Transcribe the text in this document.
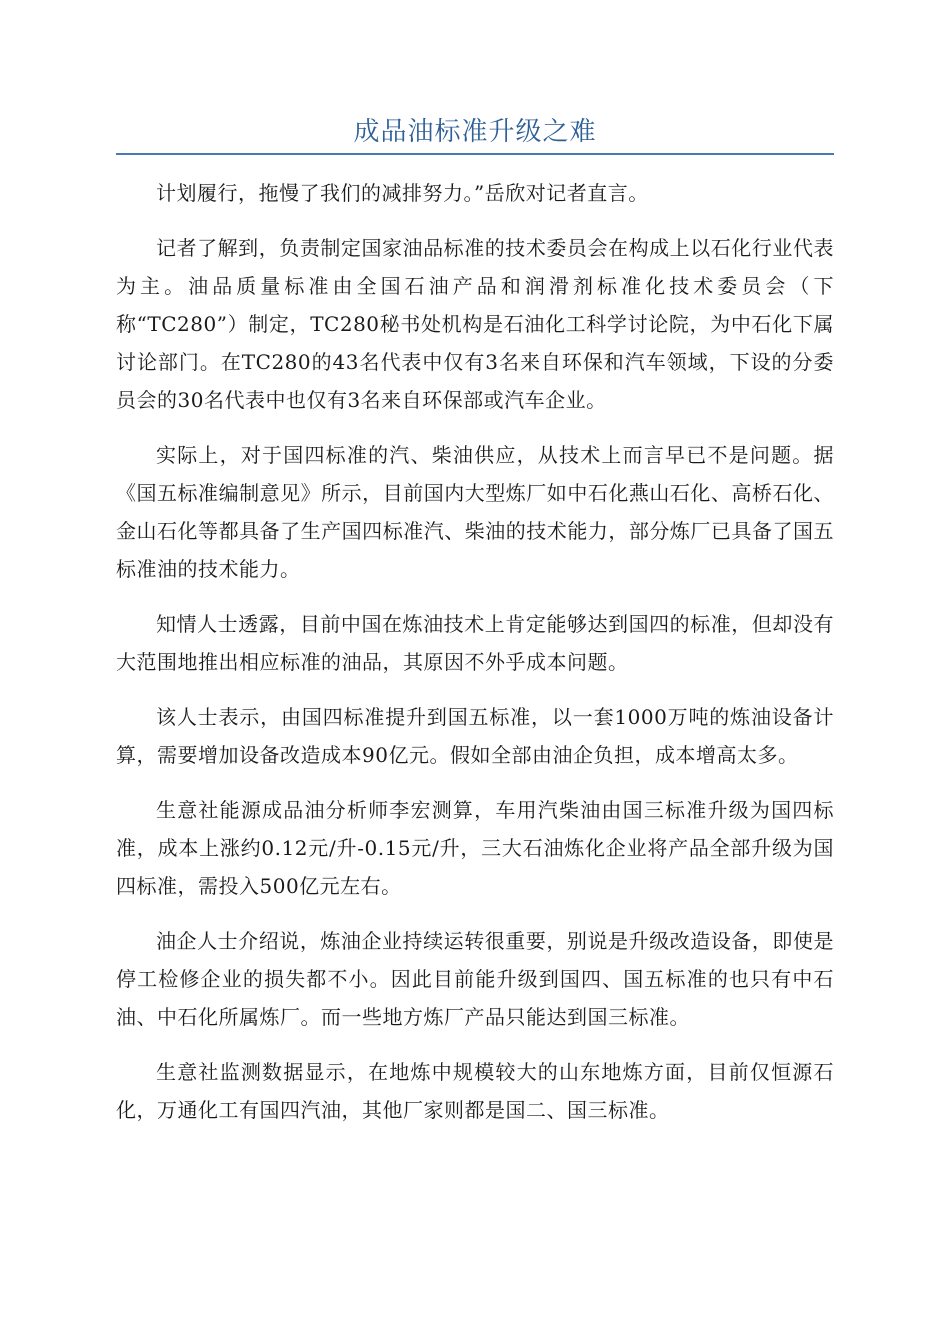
成品油标准升级之难

计划履行，拖慢了我们的减排努力。”岳欣对记者直言。

记者了解到，负责制定国家油品标准的技术委员会在构成上以石化行业代表为主。油品质量标准由全国石油产品和润滑剂标准化技术委员会（下称“TC280”）制定，TC280秘书处机构是石油化工科学讨论院，为中石化下属讨论部门。在TC280的43名代表中仅有3名来自环保和汽车领域，下设的分委员会的30名代表中也仅有3名来自环保部或汽车企业。

实际上，对于国四标准的汽、柴油供应，从技术上而言早已不是问题。据《国五标准编制意见》所示，目前国内大型炼厂如中石化燕山石化、高桥石化、金山石化等都具备了生产国四标准汽、柴油的技术能力，部分炼厂已具备了国五标准油的技术能力。

知情人士透露，目前中国在炼油技术上肯定能够达到国四的标准，但却没有大范围地推出相应标准的油品，其原因不外乎成本问题。

该人士表示，由国四标准提升到国五标准，以一套1000万吨的炼油设备计算，需要增加设备改造成本90亿元。假如全部由油企负担，成本增高太多。

生意社能源成品油分析师李宏测算，车用汽柴油由国三标准升级为国四标准，成本上涨约0.12元/升-0.15元/升，三大石油炼化企业将产品全部升级为国四标准，需投入500亿元左右。

油企人士介绍说，炼油企业持续运转很重要，别说是升级改造设备，即使是停工检修企业的损失都不小。因此目前能升级到国四、国五标准的也只有中石油、中石化所属炼厂。而一些地方炼厂产品只能达到国三标准。

生意社监测数据显示，在地炼中规模较大的山东地炼方面，目前仅恒源石化，万通化工有国四汽油，其他厂家则都是国二、国三标准。
